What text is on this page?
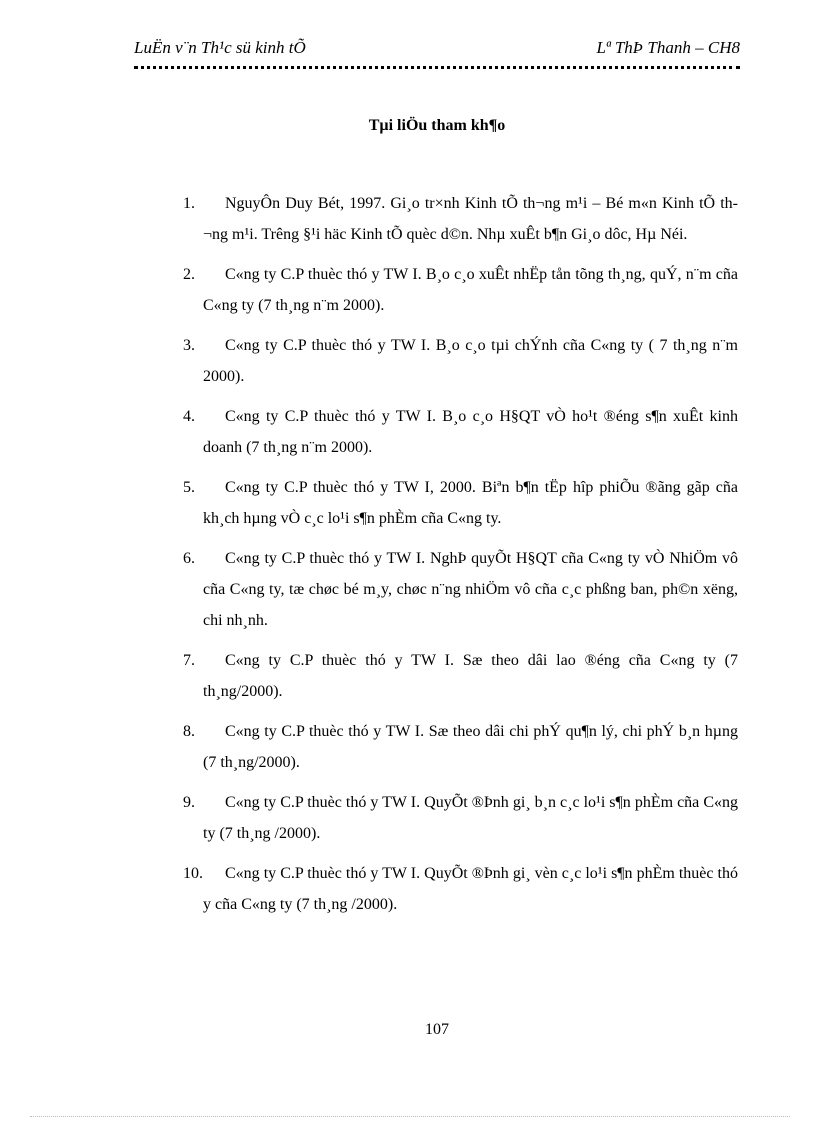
LuËn v¨n Th¹c sü kinh tÕ	Lª ThÞ Thanh – CH8
Tµi liÖu tham kh¶o
1.	NguyÔn Duy Bét, 1997. Gi¸o tr×nh Kinh tÕ th¬ng m¹i – Bé m«n Kinh tÕ th¬ng m¹i. Trêng §¹i häc Kinh tÕ quèc d©n. Nhµ xuÊt b¶n Gi¸o dôc, Hµ Néi.
2.	C«ng ty C.P thuèc thó y TW I. B¸o c¸o xuÊt nhËp tån tõng th¸ng, quÝ, n¨m cña C«ng ty (7 th¸ng n¨m 2000).
3.	C«ng ty C.P thuèc thó y TW I. B¸o c¸o tµi chÝnh cña C«ng ty ( 7 th¸ng n¨m 2000).
4.	C«ng ty C.P thuèc thó y TW I. B¸o c¸o H§QT vÒ ho¹t ®éng s¶n xuÊt kinh doanh (7 th¸ng n¨m 2000).
5.	C«ng ty C.P thuèc thó y TW I, 2000. Biªn b¶n tËp hîp phiÕu ®ãng gãp cña kh¸ch hµng vÒ c¸c lo¹i s¶n phÈm cña C«ng ty.
6.	C«ng ty C.P thuèc thó y TW I. NghÞ quyÕt H§QT cña C«ng ty vÒ NhiÖm vô cña C«ng ty, tæ chøc bé m¸y, chøc n¨ng nhiÖm vô cña c¸c phßng ban, ph©n xëng, chi nh¸nh.
7.	C«ng ty C.P thuèc thó y TW I. Sæ theo dâi lao ®éng cña C«ng ty (7 th¸ng/2000).
8.	C«ng ty C.P thuèc thó y TW I. Sæ theo dâi chi phÝ qu¶n lý, chi phÝ b¸n hµng (7 th¸ng/2000).
9.	C«ng ty C.P thuèc thó y TW I. QuyÕt ®Þnh gi¸ b¸n c¸c lo¹i s¶n phÈm cña C«ng ty (7 th¸ng /2000).
10.	C«ng ty C.P thuèc thó y TW I. QuyÕt ®Þnh gi¸ vèn c¸c lo¹i s¶n phÈm thuèc thó y cña C«ng ty (7 th¸ng /2000).
107
